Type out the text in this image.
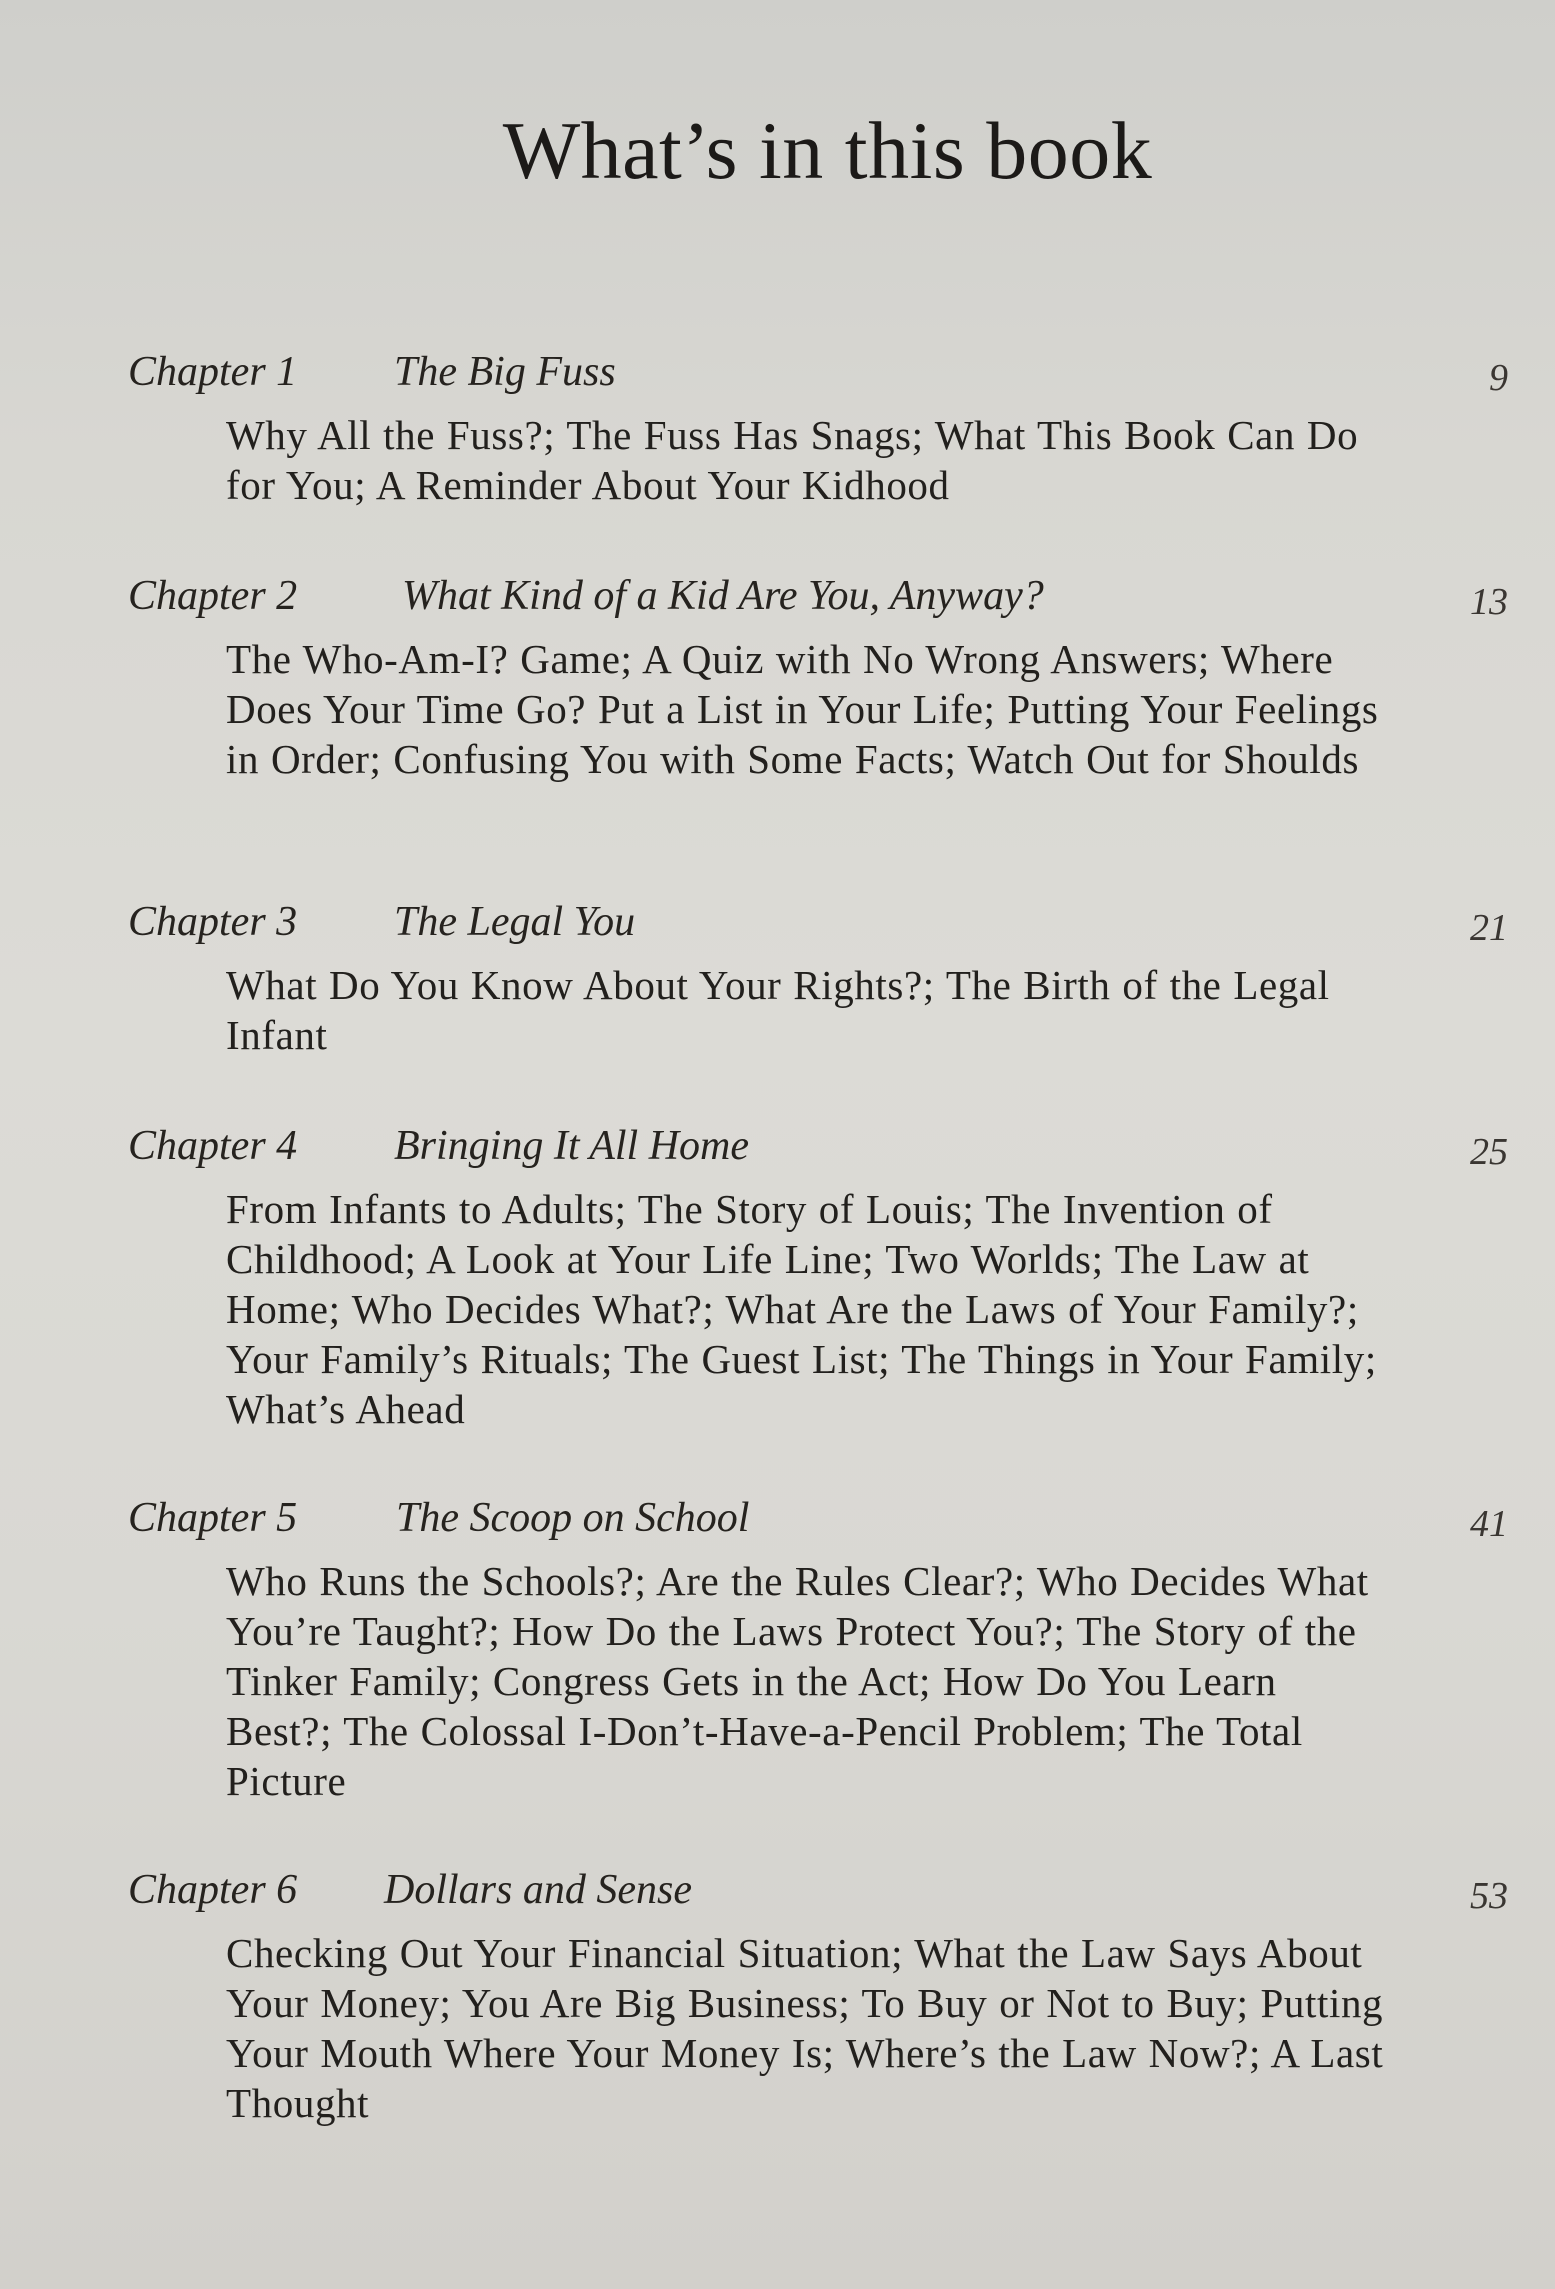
What’s in this book
Chapter 1 The Big Fuss	9

Why All the Fuss?; The Fuss Has Snags; What This Book Can Do for You; A Reminder About Your Kidhood

Chapter 2 What Kind of a Kid Are You, Anyway?	13

The Who-Am-I? Game; A Quiz with No Wrong Answers; Where Does Your Time Go? Put a List in Your Life; Putting Your Feelings in Order; Confusing You with Some Facts; Watch Out for Shoulds

Chapter 3 The Legal You	21

What Do You Know About Your Rights?; The Birth of the Legal Infant

Chapter 4 Bringing It All Home	25

From Infants to Adults; The Story of Louis; The Invention of Childhood; A Look at Your Life Line; Two Worlds; The Law at Home; Who Decides What?; What Are the Laws of Your Family?; Your Family’s Rituals; The Guest List; The Things in Your Family; What’s Ahead

Chapter 5 The Scoop on School	41

Who Runs the Schools?; Are the Rules Clear?; Who Decides What You’re Taught?; How Do the Laws Protect You?; The Story of the Tinker Family; Congress Gets in the Act; How Do You Learn Best?; The Colossal I-Don’t-Have-a-Pencil Problem; The Total Picture

Chapter 6 Dollars and Sense	53

Checking Out Your Financial Situation; What the Law Says About Your Money; You Are Big Business; To Buy or Not to Buy; Putting Your Mouth Where Your Money Is; Where’s the Law Now?; A Last Thought
